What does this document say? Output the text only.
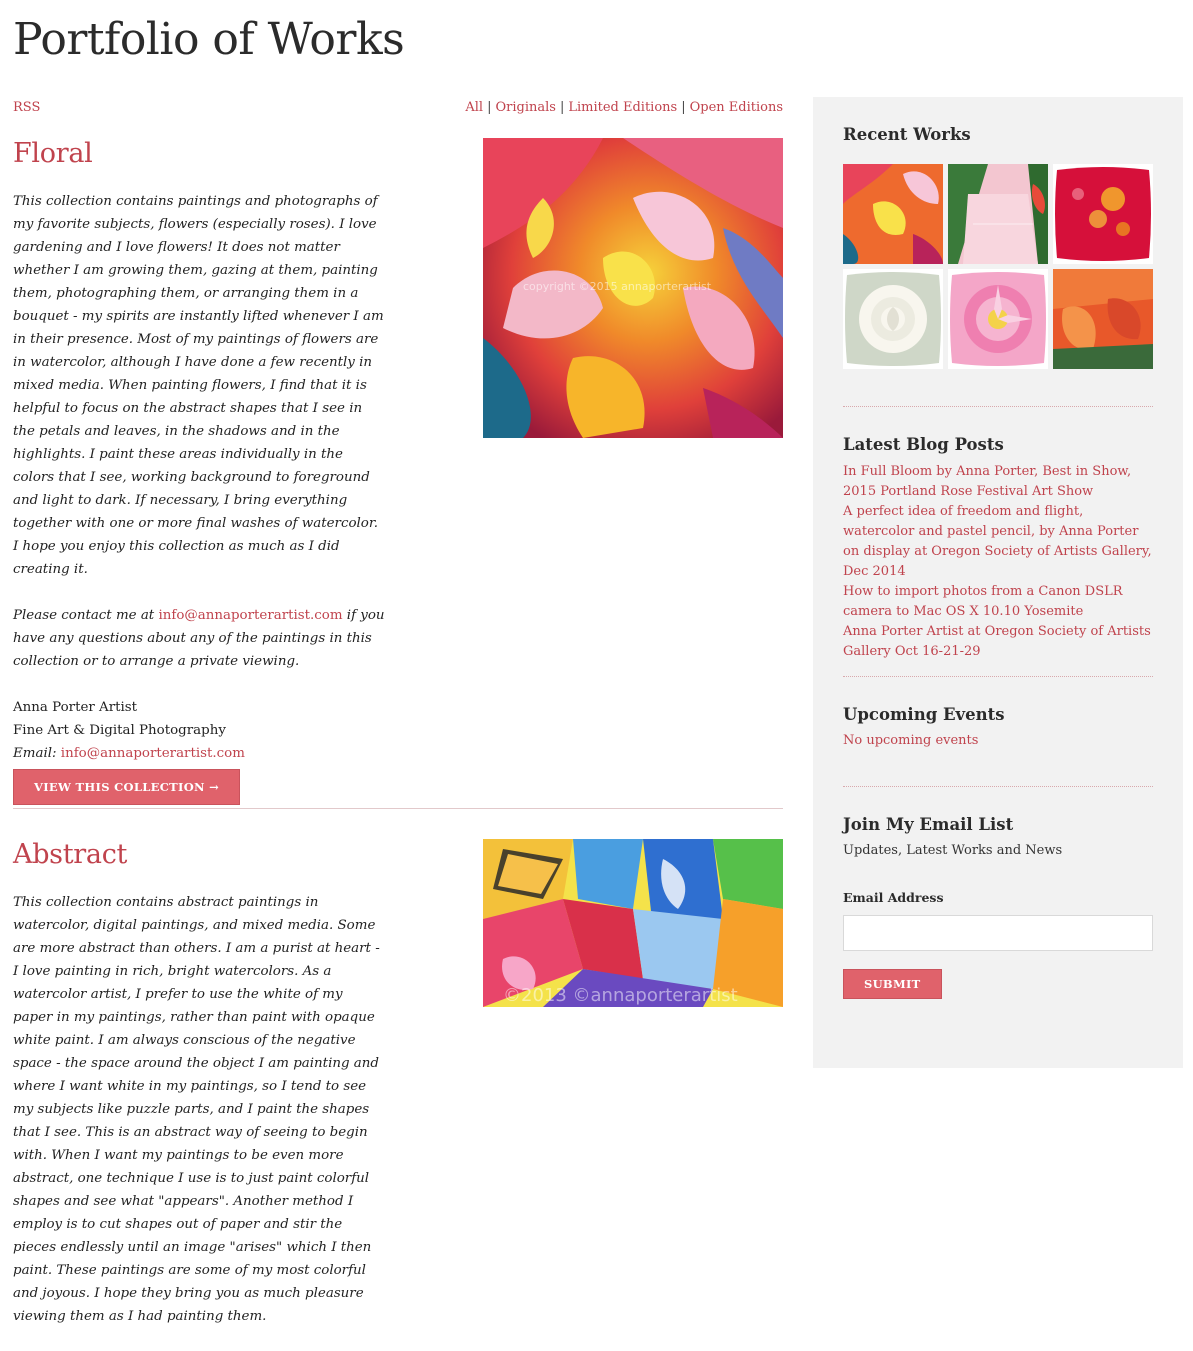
Portfolio of Works
RSS	All | Originals | Limited Editions | Open Editions
Floral

This collection contains paintings and photographs of my favorite subjects, flowers (especially roses). I love gardening and I love flowers! It does not matter whether I am growing them, gazing at them, painting them, photographing them, or arranging them in a bouquet - my spirits are instantly lifted whenever I am in their presence. Most of my paintings of flowers are in watercolor, although I have done a few recently in mixed media. When painting flowers, I find that it is helpful to focus on the abstract shapes that I see in the petals and leaves, in the shadows and in the highlights. I paint these areas individually in the colors that I see, working background to foreground and light to dark. If necessary, I bring everything together with one or more final washes of watercolor. I hope you enjoy this collection as much as I did creating it.

Please contact me at info@annaporterartist.com if you have any questions about any of the paintings in this collection or to arrange a private viewing.

Anna Porter Artist
Fine Art & Digital Photography
Email: info@annaporterartist.com
VIEW THIS COLLECTION →
copyright ©2015 annaporterartist
Abstract

This collection contains abstract paintings in watercolor, digital paintings, and mixed media. Some are more abstract than others. I am a purist at heart - I love painting in rich, bright watercolors. As a watercolor artist, I prefer to use the white of my paper in my paintings, rather than paint with opaque white paint. I am always conscious of the negative space - the space around the object I am painting and where I want white in my paintings, so I tend to see my subjects like puzzle parts, and I paint the shapes that I see. This is an abstract way of seeing to begin with. When I want my paintings to be even more abstract, one technique I use is to just paint colorful shapes and see what "appears". Another method I employ is to cut shapes out of paper and stir the pieces endlessly until an image "arises" which I then paint. These paintings are some of my most colorful and joyous. I hope they bring you as much pleasure viewing them as I had painting them.

©2013 ©annaporterartist
Recent Works
Latest Blog Posts
In Full Bloom by Anna Porter, Best in Show, 2015 Portland Rose Festival Art Show
A perfect idea of freedom and flight, watercolor and pastel pencil, by Anna Porter on display at Oregon Society of Artists Gallery, Dec 2014
How to import photos from a Canon DSLR camera to Mac OS X 10.10 Yosemite
Anna Porter Artist at Oregon Society of Artists Gallery Oct 16-21-29
Upcoming Events
No upcoming events
Join My Email List
Updates, Latest Works and News
Email Address
SUBMIT
